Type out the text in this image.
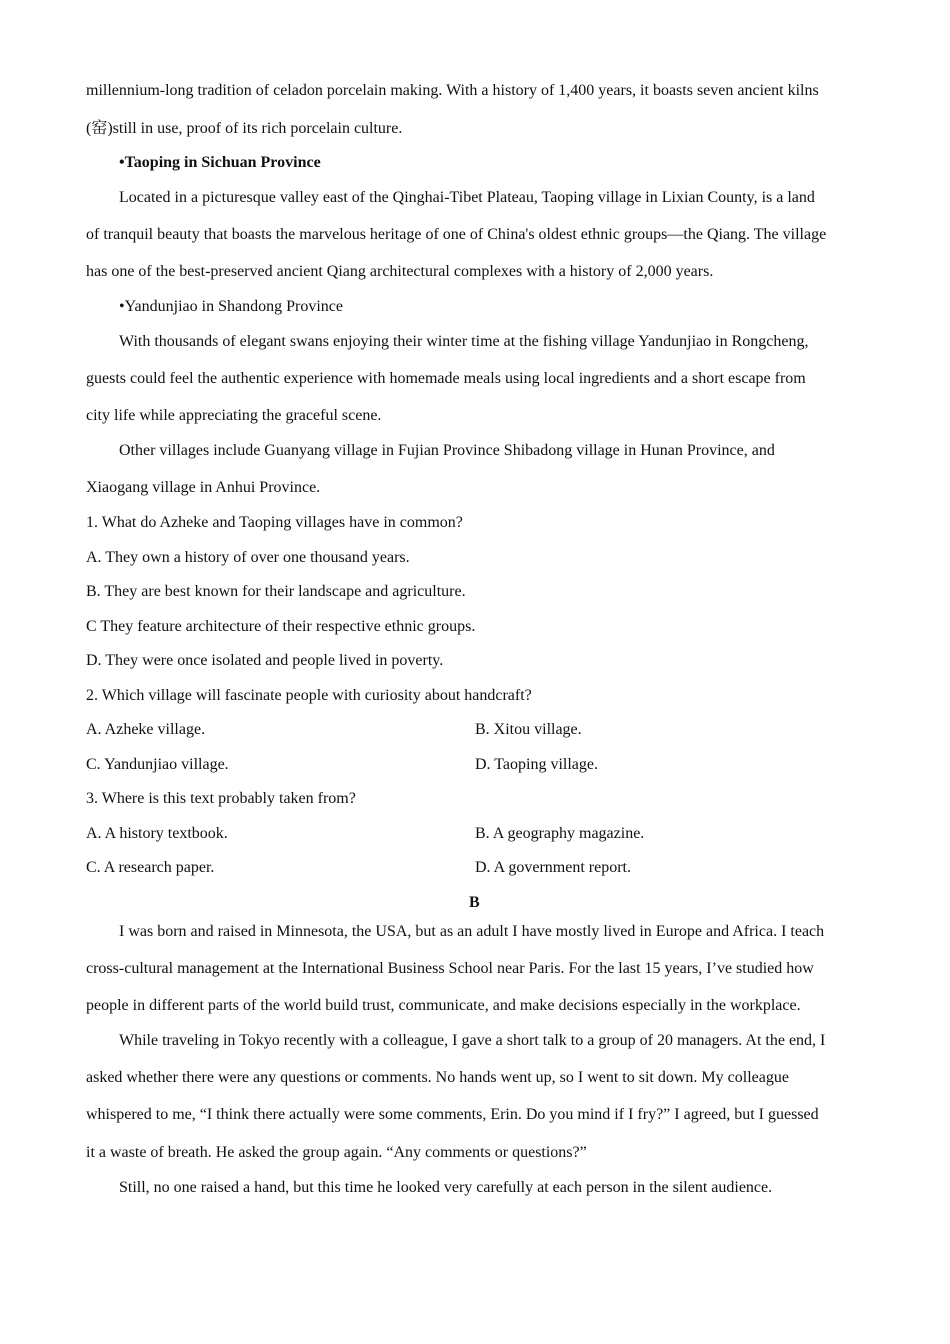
millennium-long tradition of celadon porcelain making. With a history of 1,400 years, it boasts seven ancient kilns
(窑)still in use, proof of its rich porcelain culture.
•Taoping in Sichuan Province
Located in a picturesque valley east of the Qinghai-Tibet Plateau, Taoping village in Lixian County, is a land
of tranquil beauty that boasts the marvelous heritage of one of China's oldest ethnic groups—the Qiang. The village
has one of the best-preserved ancient Qiang architectural complexes with a history of 2,000 years.
•Yandunjiao in Shandong Province
With thousands of elegant swans enjoying their winter time at the fishing village Yandunjiao in Rongcheng,
guests could feel the authentic experience with homemade meals using local ingredients and a short escape from
city life while appreciating the graceful scene.
Other villages include Guanyang village in Fujian Province Shibadong village in Hunan Province, and
Xiaogang village in Anhui Province.
1. What do Azheke and Taoping villages have in common?
A. They own a history of over one thousand years.
B. They are best known for their landscape and agriculture.
C They feature architecture of their respective ethnic groups.
D. They were once isolated and people lived in poverty.
2. Which village will fascinate people with curiosity about handcraft?
A. Azheke village.	B. Xitou village.
C. Yandunjiao village.	D. Taoping village.
3. Where is this text probably taken from?
A. A history textbook.	B. A geography magazine.
C. A research paper.	D. A government report.
B
I was born and raised in Minnesota, the USA, but as an adult I have mostly lived in Europe and Africa. I teach
cross-cultural management at the International Business School near Paris. For the last 15 years, I’ve studied how
people in different parts of the world build trust, communicate, and make decisions especially in the workplace.
While traveling in Tokyo recently with a colleague, I gave a short talk to a group of 20 managers. At the end, I
asked whether there were any questions or comments. No hands went up, so I went to sit down. My colleague
whispered to me, “I think there actually were some comments, Erin. Do you mind if I fry?” I agreed, but I guessed
it a waste of breath. He asked the group again. “Any comments or questions?”
Still, no one raised a hand, but this time he looked very carefully at each person in the silent audience.
